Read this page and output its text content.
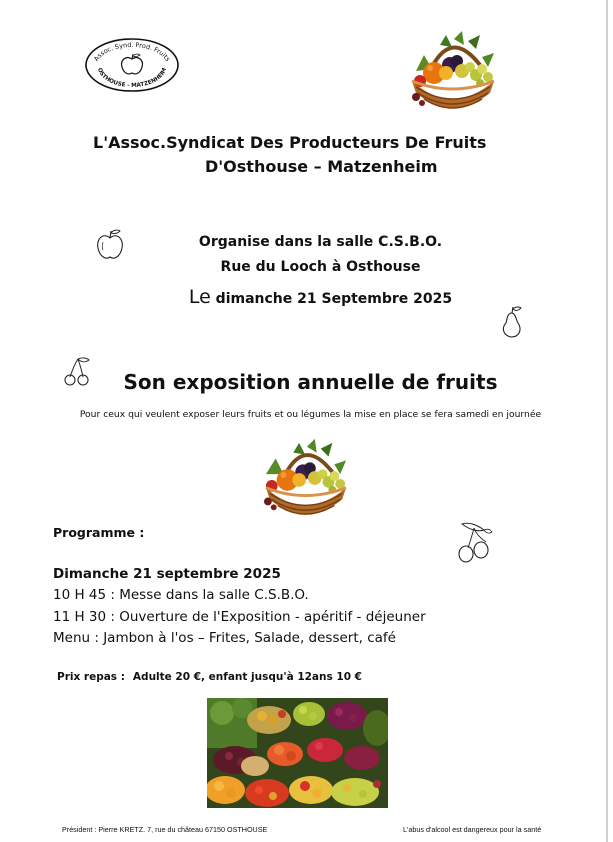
Assoc. Synd. Prod. Fruits
OSTHOUSE - MATZENHEIM
L'Assoc.Syndicat Des Producteurs De Fruits
D'Osthouse – Matzenheim
Organise dans la salle C.S.B.O.
Rue du Looch à Osthouse
Le dimanche 21 Septembre 2025
Son exposition annuelle de fruits
Pour ceux qui veulent exposer leurs fruits et ou légumes la mise en place se fera samedi en journée
Programme :
Dimanche 21 septembre 2025
10 H 45 : Messe dans la salle C.S.B.O.
11 H 30 : Ouverture de l'Exposition - apéritif - déjeuner
Menu : Jambon à l'os – Frites, Salade, dessert, café
Prix repas : Adulte 20 €, enfant jusqu'à 12ans 10 €
Président : Pierre KRETZ. 7, rue du château 67150 OSTHOUSE	L'abus d'alcool est dangereux pour la santé
